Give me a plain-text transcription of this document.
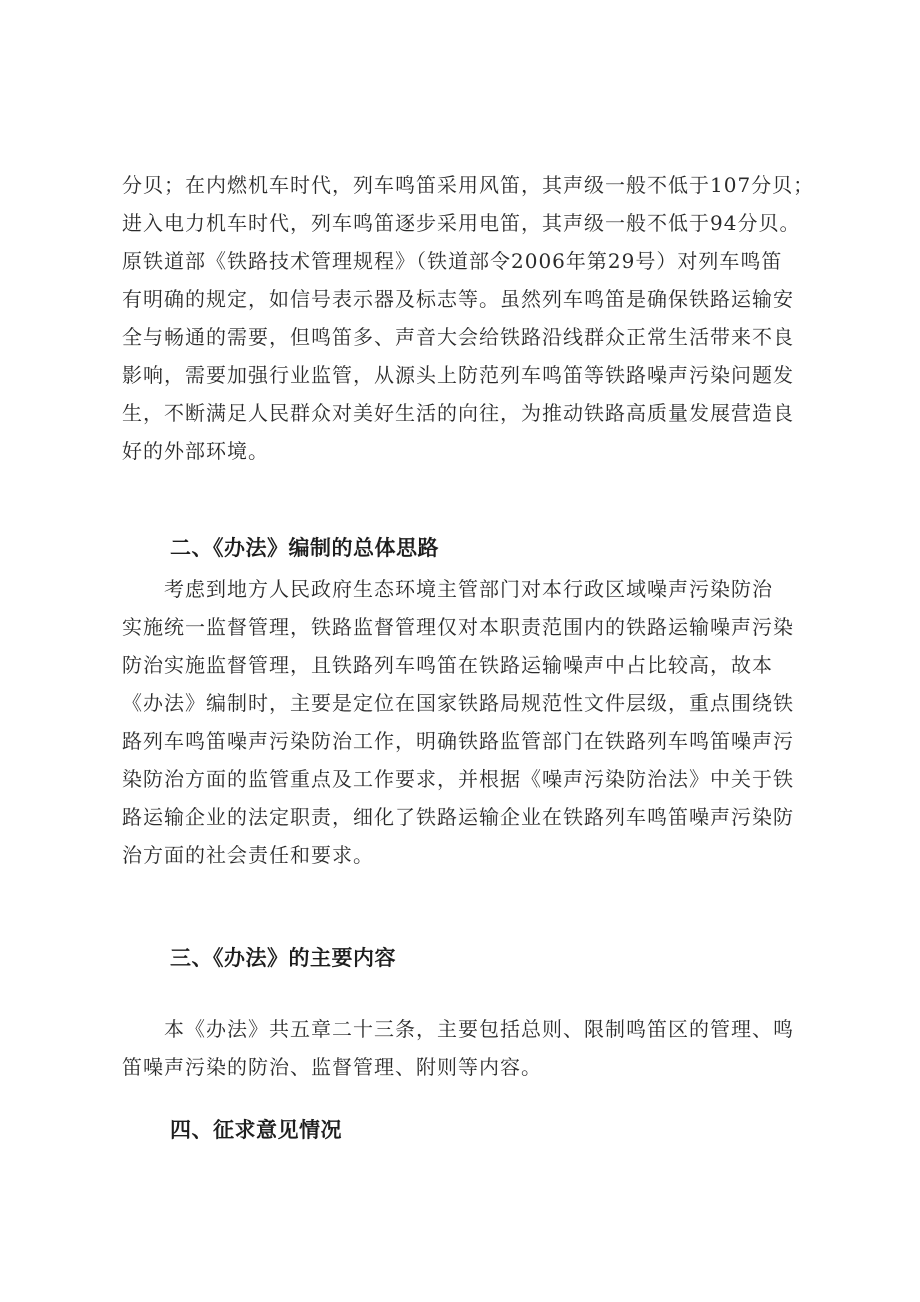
分贝；在内燃机车时代，列车鸣笛采用风笛，其声级一般不低于107分贝；
进入电力机车时代，列车鸣笛逐步采用电笛，其声级一般不低于94分贝。
原铁道部《铁路技术管理规程》（铁道部令2006年第29号）对列车鸣笛
有明确的规定，如信号表示器及标志等。虽然列车鸣笛是确保铁路运输安
全与畅通的需要，但鸣笛多、声音大会给铁路沿线群众正常生活带来不良
影响，需要加强行业监管，从源头上防范列车鸣笛等铁路噪声污染问题发
生，不断满足人民群众对美好生活的向往，为推动铁路高质量发展营造良
好的外部环境。
二、《办法》编制的总体思路
　　考虑到地方人民政府生态环境主管部门对本行政区域噪声污染防治
实施统一监督管理，铁路监督管理仅对本职责范围内的铁路运输噪声污染
防治实施监督管理，且铁路列车鸣笛在铁路运输噪声中占比较高，故本
《办法》编制时，主要是定位在国家铁路局规范性文件层级，重点围绕铁
路列车鸣笛噪声污染防治工作，明确铁路监管部门在铁路列车鸣笛噪声污
染防治方面的监管重点及工作要求，并根据《噪声污染防治法》中关于铁
路运输企业的法定职责，细化了铁路运输企业在铁路列车鸣笛噪声污染防
治方面的社会责任和要求。
三、《办法》的主要内容
　　本《办法》共五章二十三条，主要包括总则、限制鸣笛区的管理、鸣
笛噪声污染的防治、监督管理、附则等内容。
四、征求意见情况
